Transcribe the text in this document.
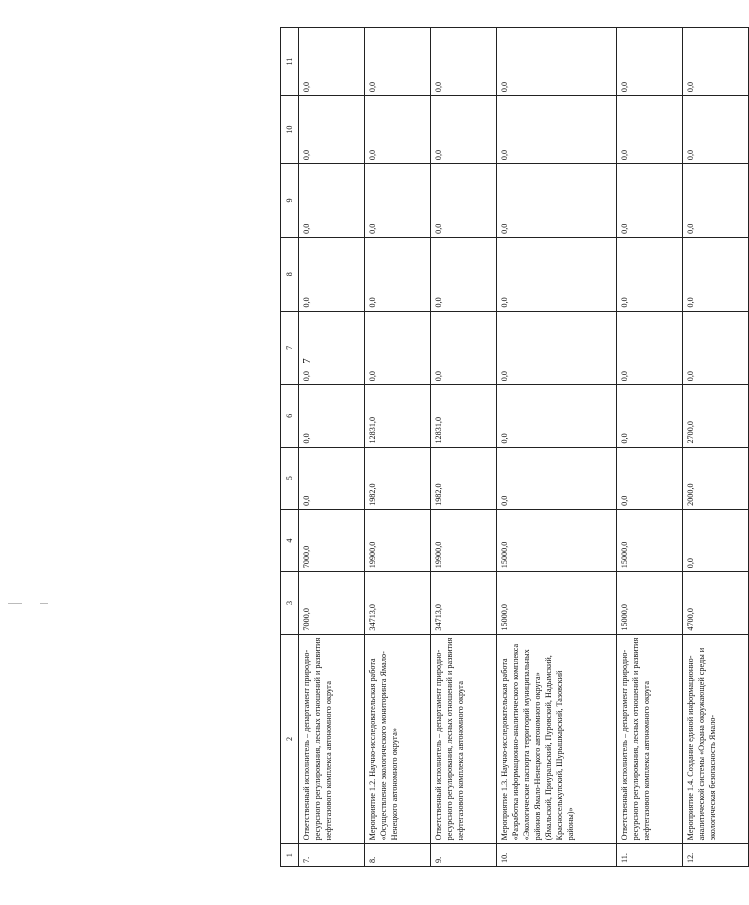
7
1	2	3	4	5	6	7	8	9	10	11
7.	Ответственный исполнитель – департамент природно-ресурсного регулирования, лесных отношений и развития нефтегазового комплекса автономного округа	7000,0	7000,0	0,0	0,0	0,0	0,0	0,0	0,0	0,0
8.	Мероприятие 1.2. Научно-исследовательская работа «Осуществление экологического мониторинга Ямало-Ненецкого автономного округа»	34713,0	19900,0	1982,0	12831,0	0,0	0,0	0,0	0,0	0,0
9.	Ответственный исполнитель – департамент природно-ресурсного регулирования, лесных отношений и развития нефтегазового комплекса автономного округа	34713,0	19900,0	1982,0	12831,0	0,0	0,0	0,0	0,0	0,0
10.	Мероприятие 1.3. Научно-исследовательская работа «Разработка информационно-аналитического комплекса «Экологические паспорта территорий муниципальных районов Ямало-Ненецкого автономного округа» (Ямальский, Приуральский, Пуровский, Надымский, Красноселькупский, Шурышкарский, Тазовский районы)»	15000,0	15000,0	0,0	0,0	0,0	0,0	0,0	0,0	0,0
11.	Ответственный исполнитель – департамент природно-ресурсного регулирования, лесных отношений и развития нефтегазового комплекса автономного округа	15000,0	15000,0	0,0	0,0	0,0	0,0	0,0	0,0	0,0
12.	Мероприятие 1.4. Создание единой информационно-аналитической системы «Охрана окружающей среды и экологическая безопасность Ямало-	4700,0	0,0	2000,0	2700,0	0,0	0,0	0,0	0,0	0,0
